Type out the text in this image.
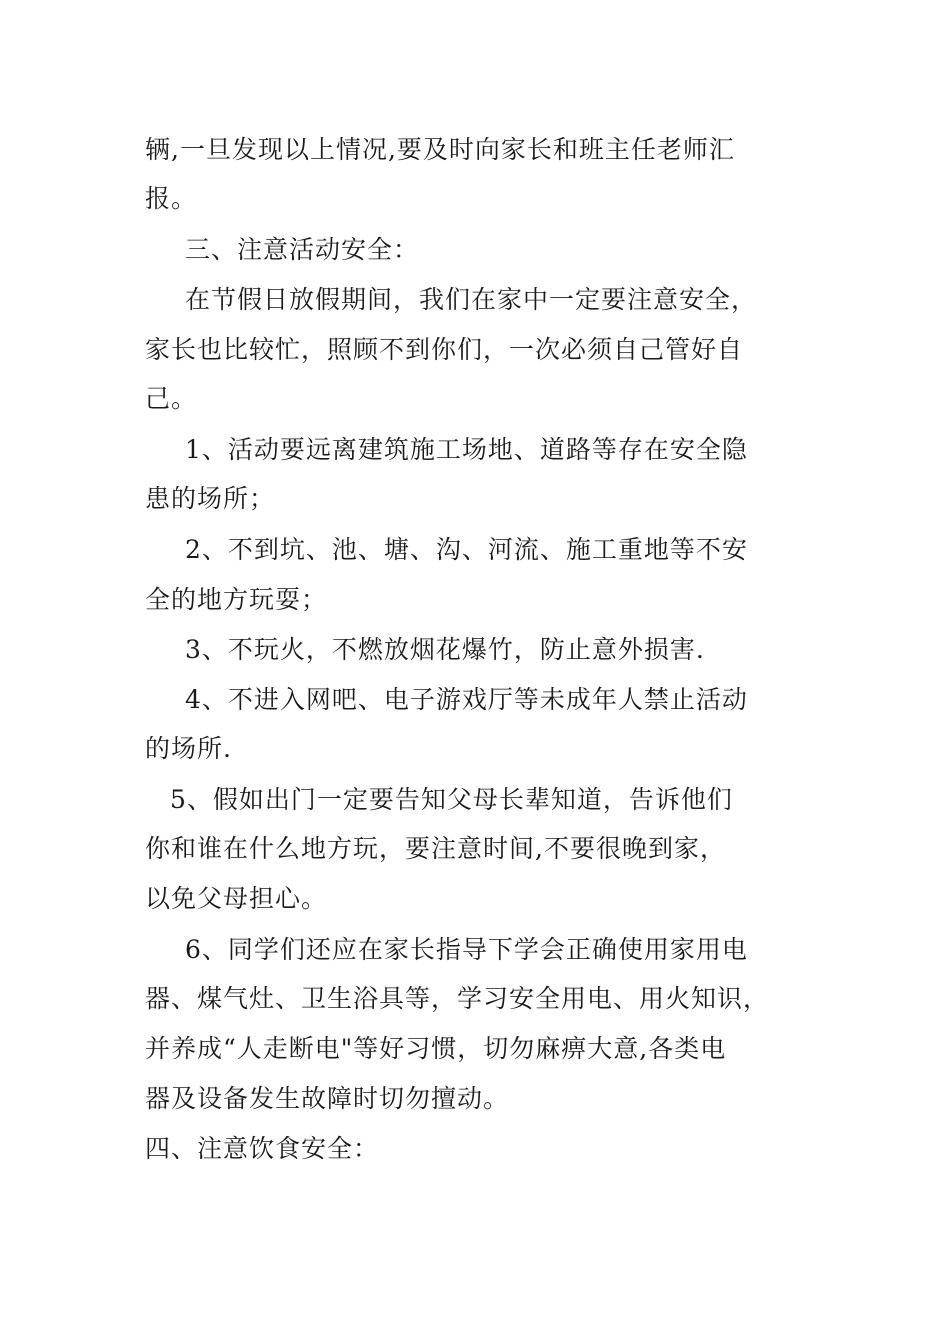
辆,一旦发现以上情况,要及时向家长和班主任老师汇

报。

三、注意活动安全：

在节假日放假期间，我们在家中一定要注意安全，

家长也比较忙，照顾不到你们，一次必须自己管好自

己。

1、活动要远离建筑施工场地、道路等存在安全隐

患的场所；

2、不到坑、池、塘、沟、河流、施工重地等不安

全的地方玩耍；

3、不玩火，不燃放烟花爆竹，防止意外损害.

4、不进入网吧、电子游戏厅等未成年人禁止活动

的场所.

5、假如出门一定要告知父母长辈知道，告诉他们

你和谁在什么地方玩，要注意时间,不要很晚到家，

以免父母担心。

6、同学们还应在家长指导下学会正确使用家用电

器、煤气灶、卫生浴具等，学习安全用电、用火知识，

并养成“人走断电"等好习惯，切勿麻痹大意,各类电

器及设备发生故障时切勿擅动。

四、注意饮食安全：
